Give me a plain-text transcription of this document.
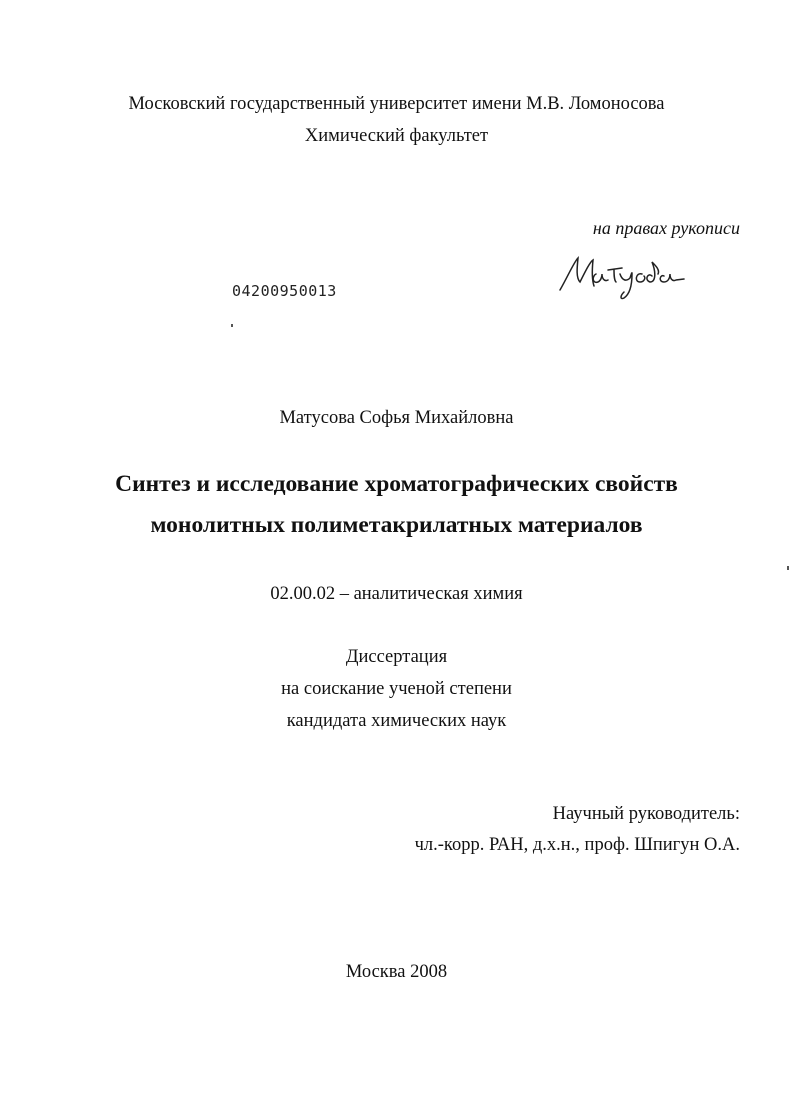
Московский государственный университет имени М.В. Ломоносова
Химический факультет
на правах рукописи
04200950013
Матусова Софья Михайловна
Синтез и исследование хроматографических свойств
монолитных полиметакрилатных материалов
02.00.02 – аналитическая химия
Диссертация
на соискание ученой степени
кандидата химических наук
Научный руководитель:
чл.-корр. РАН, д.х.н., проф. Шпигун О.А.
Москва 2008
